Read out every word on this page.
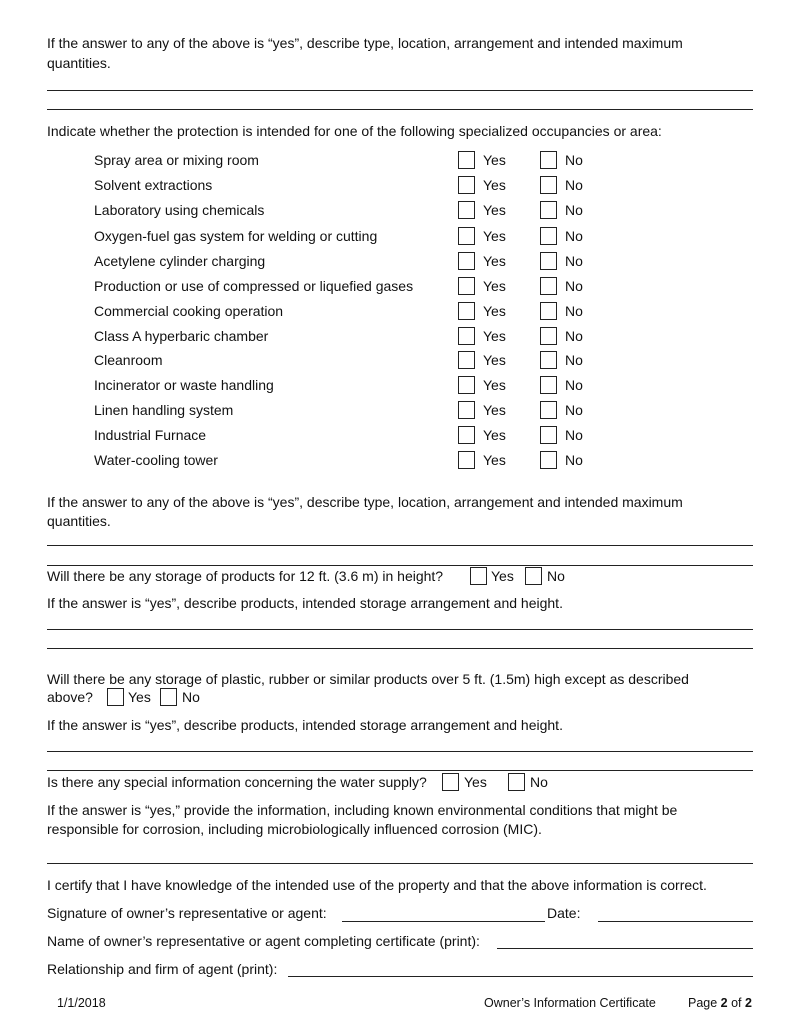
If the answer to any of the above is “yes”, describe type, location, arrangement and intended maximum
quantities.
Indicate whether the protection is intended for one of the following specialized occupancies or area:
Spray area or mixing room	Yes	No
Solvent extractions	Yes	No
Laboratory using chemicals	Yes	No
Oxygen-fuel gas system for welding or cutting	Yes	No
Acetylene cylinder charging	Yes	No
Production or use of compressed or liquefied gases	Yes	No
Commercial cooking operation	Yes	No
Class A hyperbaric chamber	Yes	No
Cleanroom	Yes	No
Incinerator or waste handling	Yes	No
Linen handling system	Yes	No
Industrial Furnace	Yes	No
Water-cooling tower	Yes	No
If the answer to any of the above is “yes”, describe type, location, arrangement and intended maximum
quantities.
Will there be any storage of products for 12 ft. (3.6 m) in height?	Yes No
If the answer is “yes”, describe products, intended storage arrangement and height.
Will there be any storage of plastic, rubber or similar products over 5 ft. (1.5m) high except as described
above?	Yes No
If the answer is “yes”, describe products, intended storage arrangement and height.
Is there any special information concerning the water supply?	Yes	No
If the answer is “yes,” provide the information, including known environmental conditions that might be
responsible for corrosion, including microbiologically influenced corrosion (MIC).
I certify that I have knowledge of the intended use of the property and that the above information is correct.
Signature of owner’s representative or agent:	Date:
Name of owner’s representative or agent completing certificate (print):
Relationship and firm of agent (print):
1/1/2018	Owner’s Information Certificate	Page 2 of 2
